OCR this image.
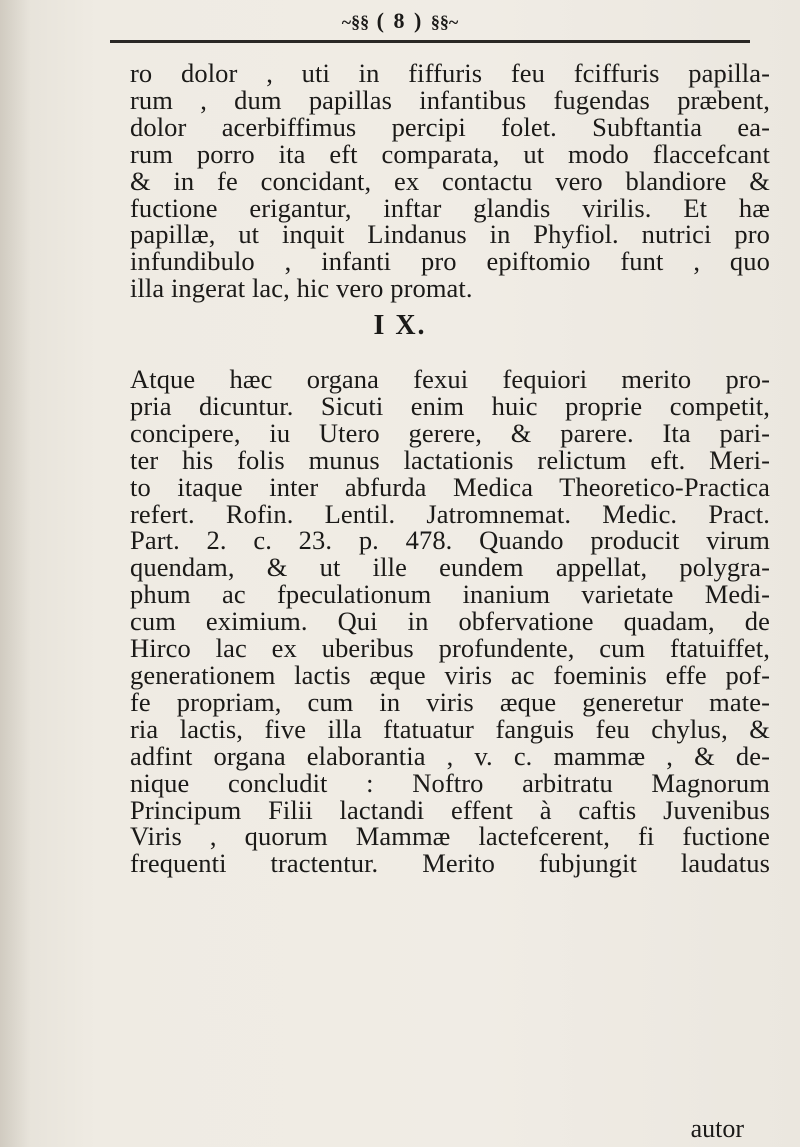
~§§ ( 8 ) §§~
ro dolor , uti in fiffuris feu fciffuris papilla-
rum , dum papillas infantibus fugendas præbent,
dolor acerbiffimus percipi folet. Subftantia ea-
rum porro ita eft comparata, ut modo flaccefcant
& in fe concidant, ex contactu vero blandiore &
fuctione erigantur, inftar glandis virilis. Et hæ
papillæ, ut inquit Lindanus in Phyfiol. nutrici pro
infundibulo , infanti pro epiftomio funt , quo
illa ingerat lac, hic vero promat.
I X.
Atque hæc organa fexui fequiori merito pro-
pria dicuntur. Sicuti enim huic proprie competit,
concipere, iu Utero gerere, & parere. Ita pari-
ter his folis munus lactationis relictum eft. Meri-
to itaque inter abfurda Medica Theoretico-Practica
refert. Rofin. Lentil. Jatromnemat. Medic. Pract.
Part. 2. c. 23. p. 478. Quando producit virum
quendam, & ut ille eundem appellat, polygra-
phum ac fpeculationum inanium varietate Medi-
cum eximium. Qui in obfervatione quadam, de
Hirco lac ex uberibus profundente, cum ftatuiffet,
generationem lactis æque viris ac foeminis effe pof-
fe propriam, cum in viris æque generetur mate-
ria lactis, five illa ftatuatur fanguis feu chylus, &
adfint organa elaborantia , v. c. mammæ , & de-
nique concludit : Noftro arbitratu Magnorum
Principum Filii lactandi effent à caftis Juvenibus
Viris , quorum Mammæ lactefcerent, fi fuctione
frequenti tractentur. Merito fubjungit laudatus
autor
